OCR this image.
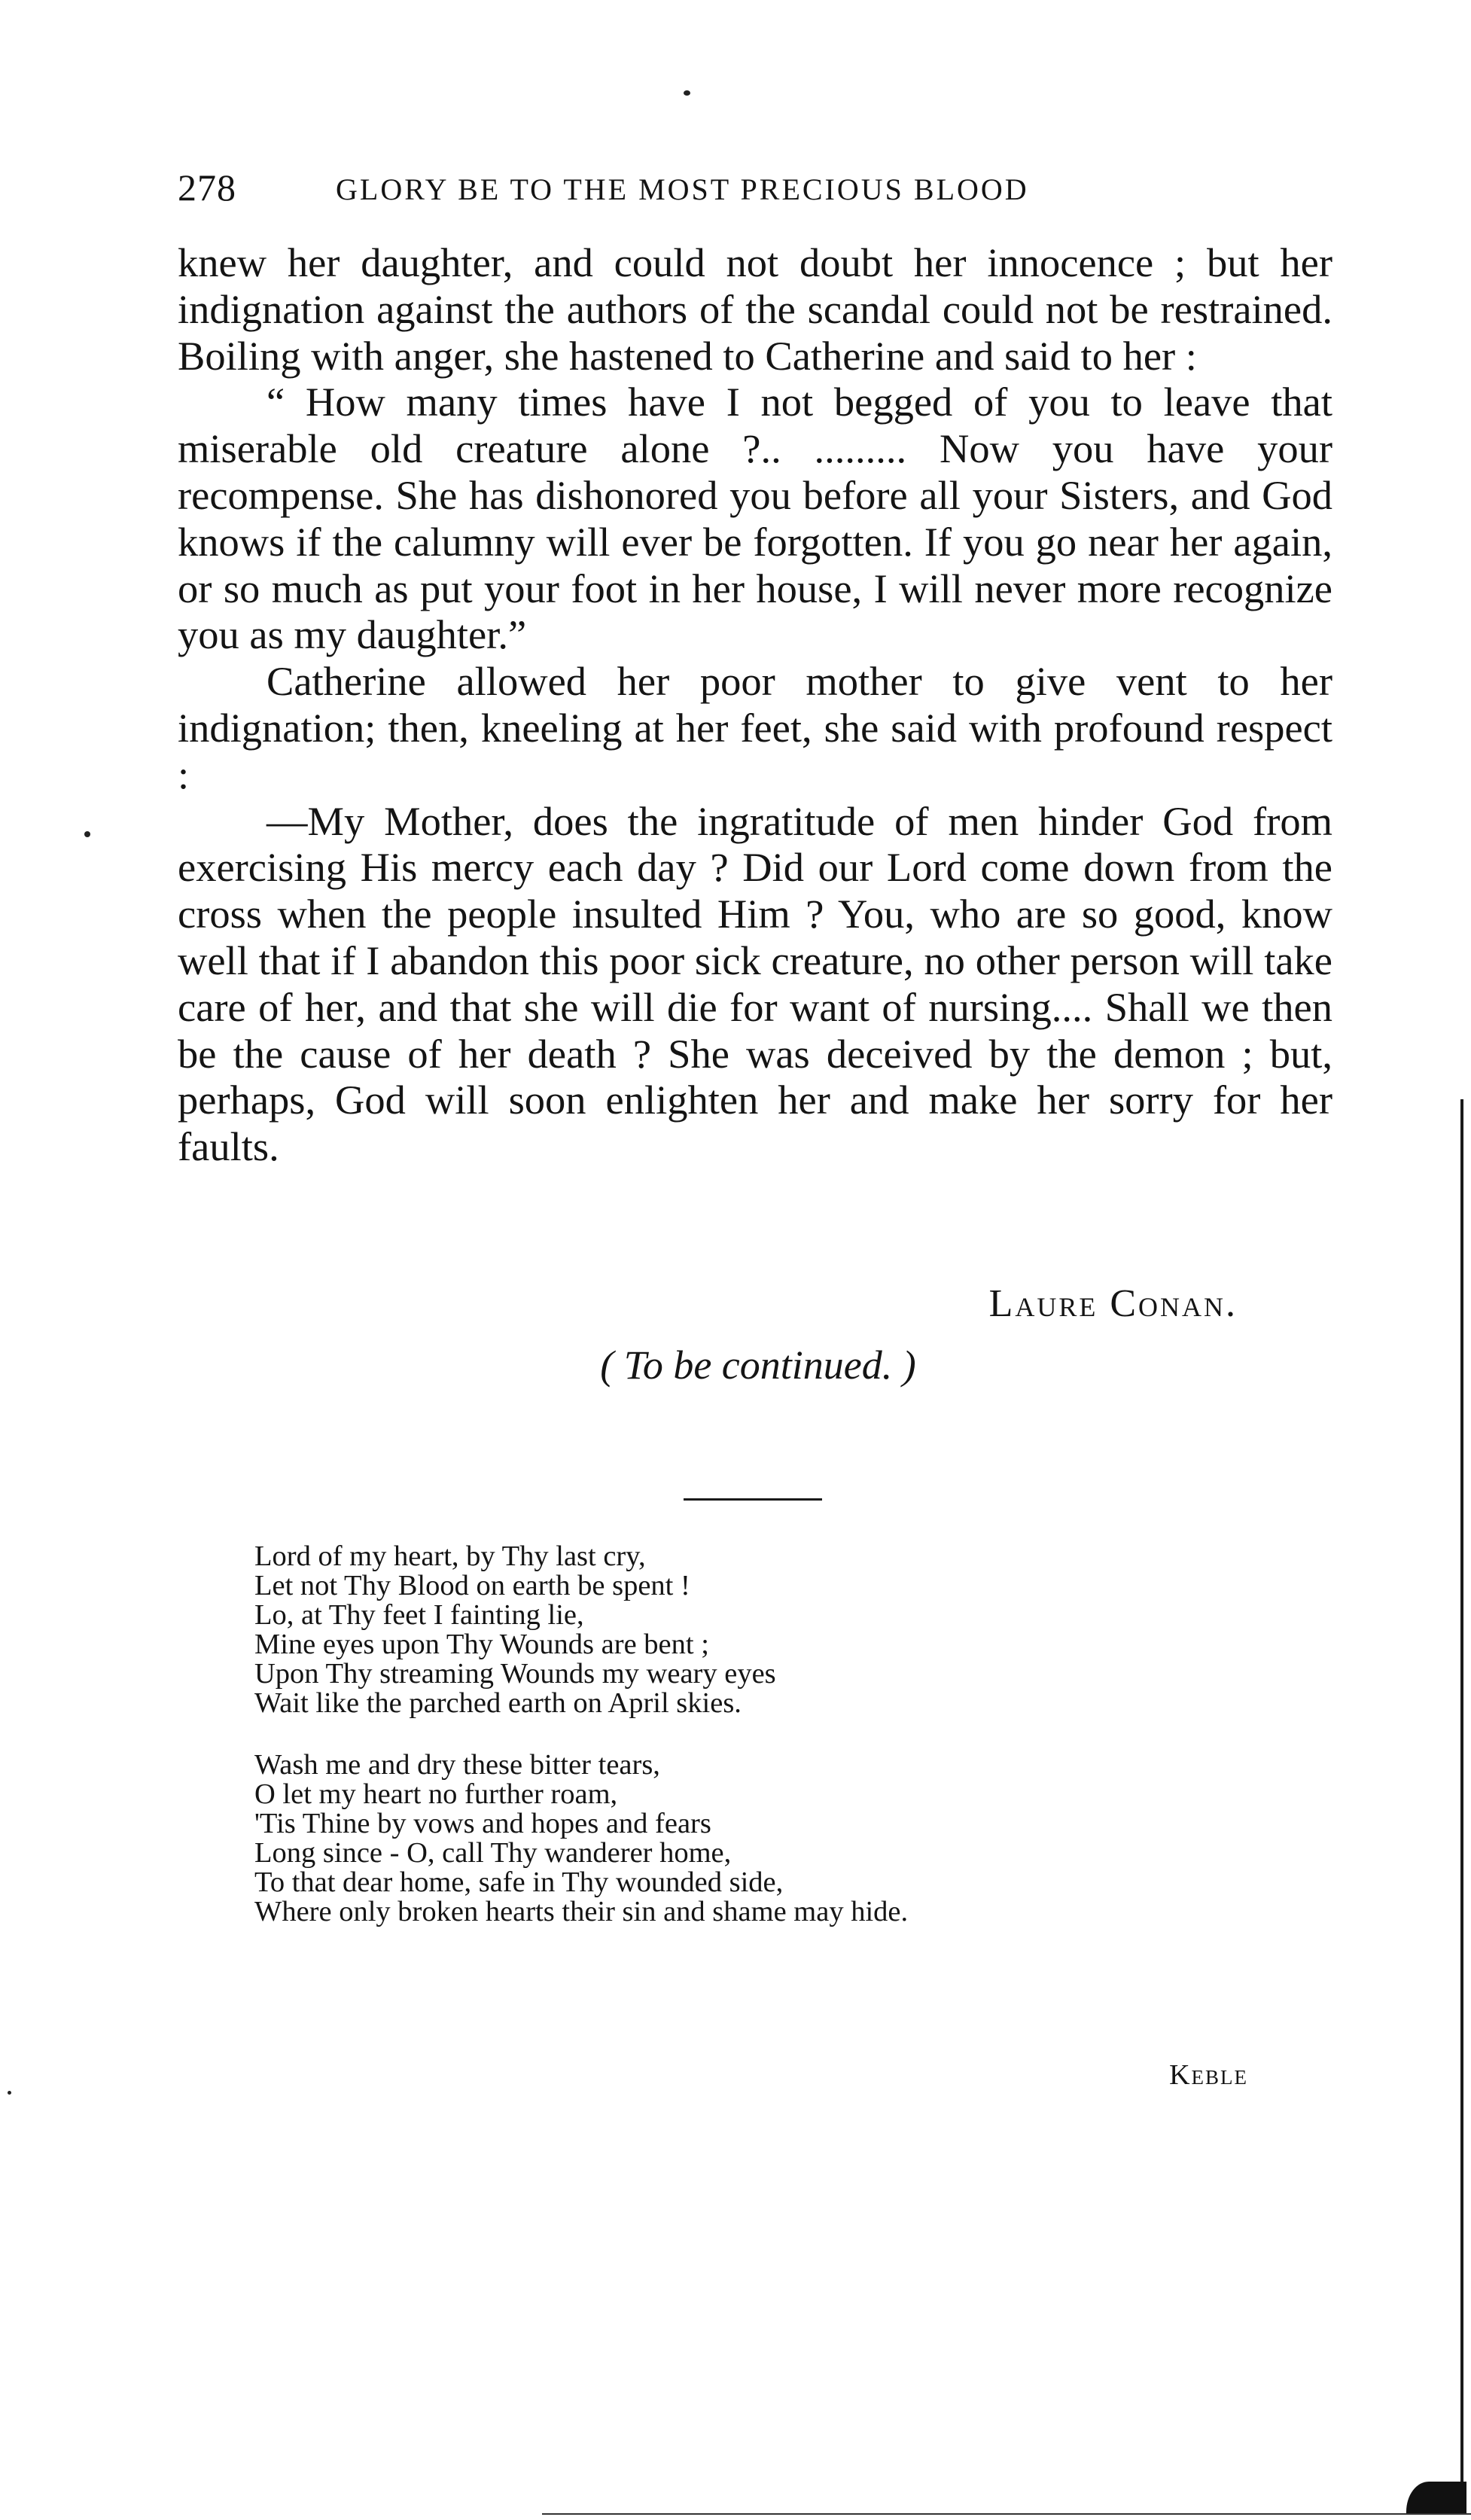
278	GLORY BE TO THE MOST PRECIOUS BLOOD

knew her daughter, and could not doubt her innocence ; but her indignation against the authors of the scandal could not be restrained. Boiling with anger, she hastened to Catherine and said to her :

“ How many times have I not begged of you to leave that miserable old creature alone ?.. ......... Now you have your recompense. She has dishonored you before all your Sisters, and God knows if the calumny will ever be forgotten. If you go near her again, or so much as put your foot in her house, I will never more recognize you as my daughter.”

Catherine allowed her poor mother to give vent to her indignation; then, kneeling at her feet, she said with profound respect :

—My Mother, does the ingratitude of men hinder God from exercising His mercy each day ? Did our Lord come down from the cross when the people insulted Him ? You, who are so good, know well that if I abandon this poor sick creature, no other person will take care of her, and that she will die for want of nursing.... Shall we then be the cause of her death ? She was deceived by the demon ; but, perhaps, God will soon enlighten her and make her sorry for her faults.

Laure Conan.
( To be continued. )
Lord of my heart, by Thy last cry,
Let not Thy Blood on earth be spent !
Lo, at Thy feet I fainting lie,
Mine eyes upon Thy Wounds are bent ;
Upon Thy streaming Wounds my weary eyes
Wait like the parched earth on April skies.
Wash me and dry these bitter tears,
O let my heart no further roam,
'Tis Thine by vows and hopes and fears
Long since - O, call Thy wanderer home,
To that dear home, safe in Thy wounded side,
Where only broken hearts their sin and shame may hide.
Keble
